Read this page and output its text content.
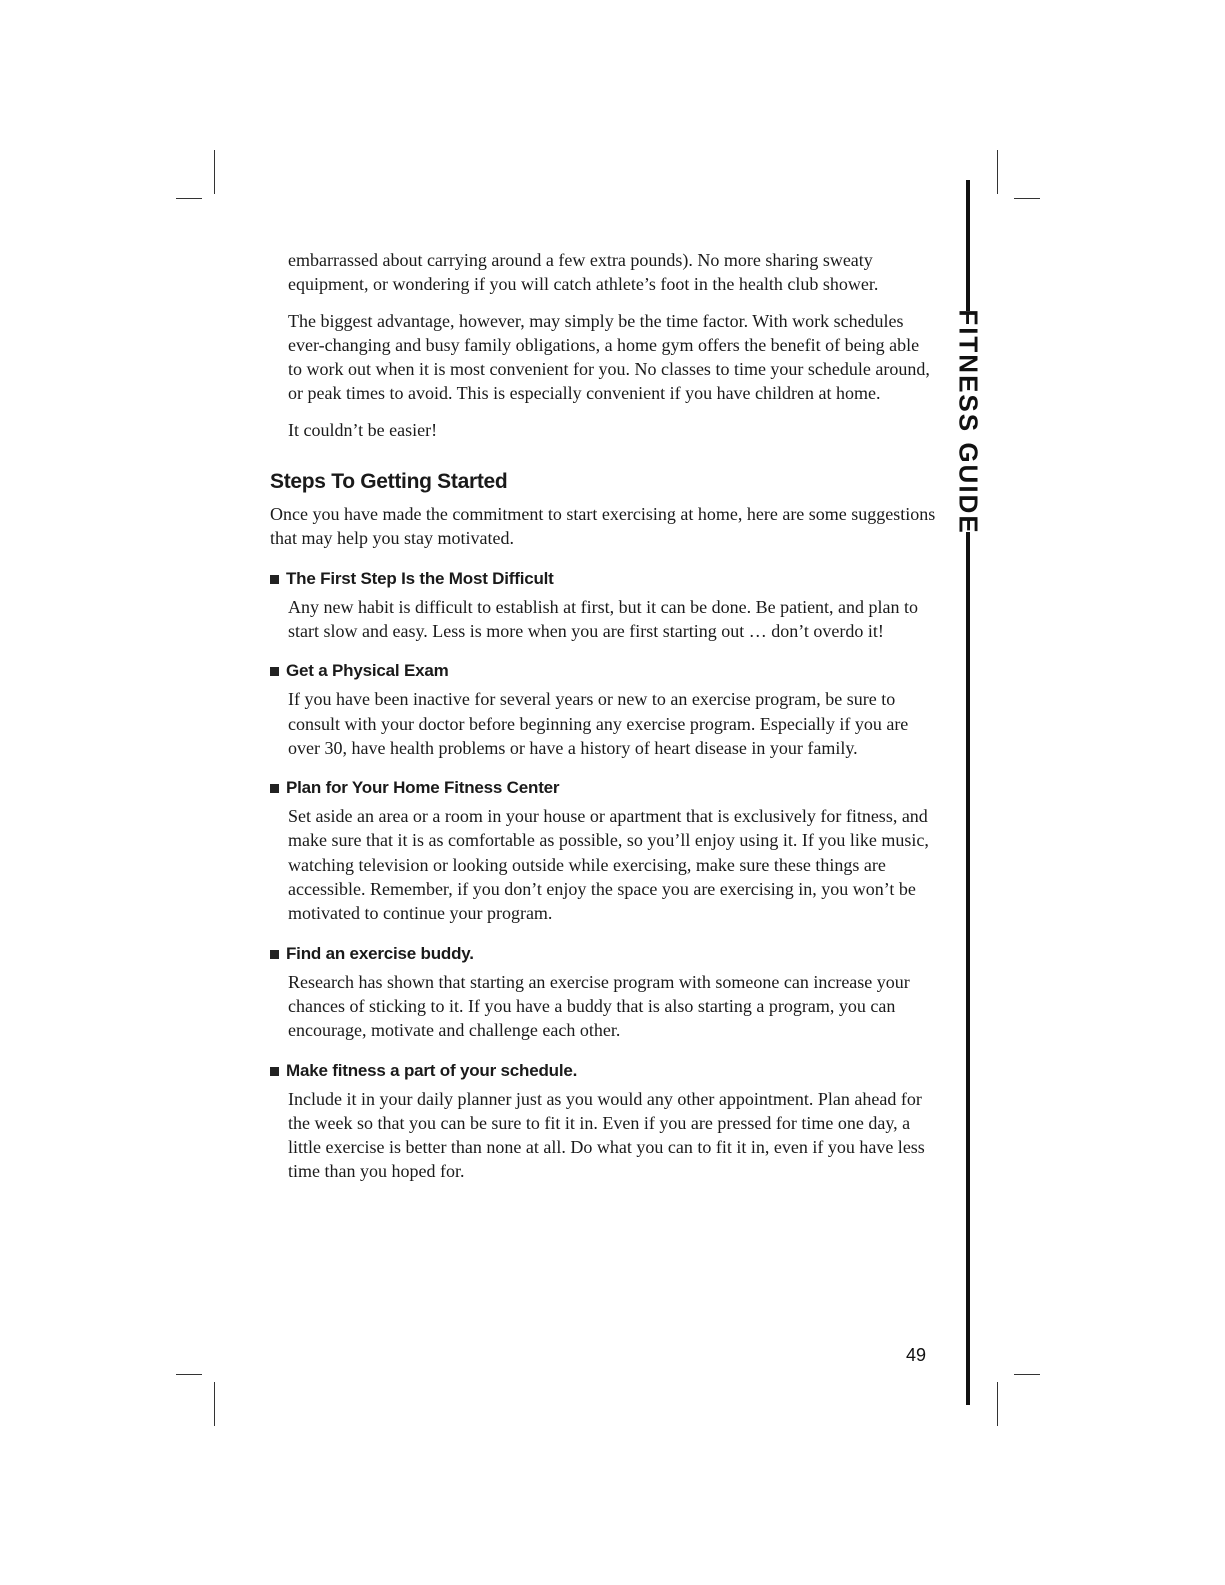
FITNESS GUIDE

embarrassed about carrying around a few extra pounds). No more sharing sweaty equipment, or wondering if you will catch athlete’s foot in the health club shower.

The biggest advantage, however, may simply be the time factor. With work schedules ever-changing and busy family obligations, a home gym offers the benefit of being able to work out when it is most convenient for you. No classes to time your schedule around, or peak times to avoid. This is especially convenient if you have children at home.

It couldn’t be easier!

Steps To Getting Started

Once you have made the commitment to start exercising at home, here are some suggestions that may help you stay motivated.

The First Step Is the Most Difficult

Any new habit is difficult to establish at first, but it can be done. Be patient, and plan to start slow and easy. Less is more when you are first starting out … don’t overdo it!

Get a Physical Exam

If you have been inactive for several years or new to an exercise program, be sure to consult with your doctor before beginning any exercise program. Especially if you are over 30, have health problems or have a history of heart disease in your family.

Plan for Your Home Fitness Center

Set aside an area or a room in your house or apartment that is exclusively for fitness, and make sure that it is as comfortable as possible, so you’ll enjoy using it. If you like music, watching television or looking outside while exercising, make sure these things are accessible. Remember, if you don’t enjoy the space you are exercising in, you won’t be motivated to continue your program.

Find an exercise buddy.

Research has shown that starting an exercise program with someone can increase your chances of sticking to it. If you have a buddy that is also starting a program, you can encourage, motivate and challenge each other.

Make fitness a part of your schedule.

Include it in your daily planner just as you would any other appointment. Plan ahead for the week so that you can be sure to fit it in. Even if you are pressed for time one day, a little exercise is better than none at all. Do what you can to fit it in, even if you have less time than you hoped for.

49
